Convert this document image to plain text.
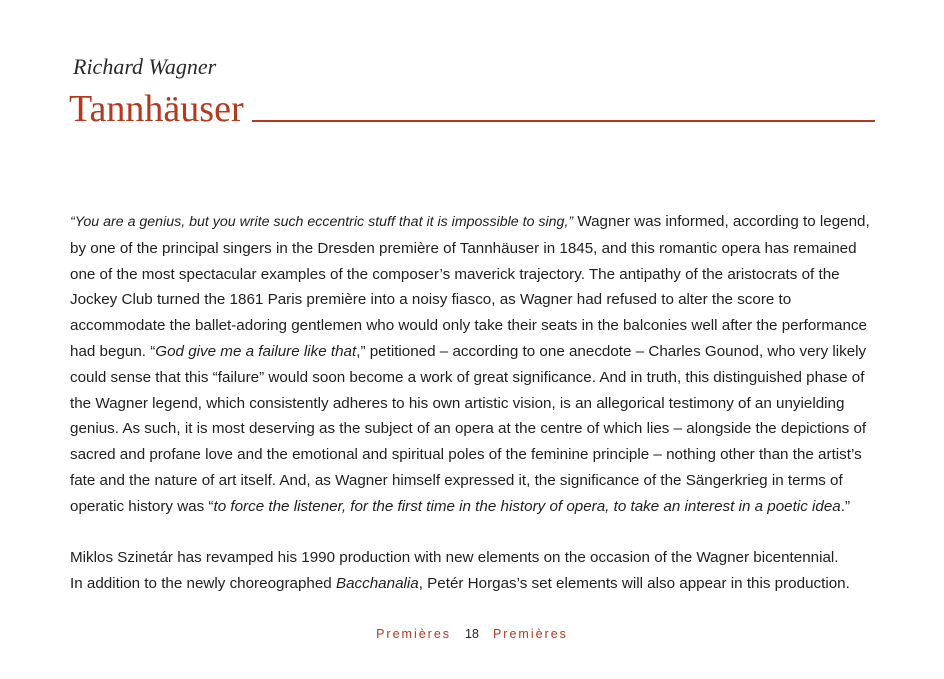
Richard Wagner
Tannhäuser

“You are a genius, but you write such eccentric stuff that it is impossible to sing,” Wagner was informed, according to legend, by one of the principal singers in the Dresden première of Tannhäuser in 1845, and this romantic opera has remained one of the most spectacular examples of the composer’s maverick trajectory. The antipathy of the aristocrats of the Jockey Club turned the 1861 Paris première into a noisy fiasco, as Wagner had refused to alter the score to accommodate the ballet-adoring gentlemen who would only take their seats in the balconies well after the performance had begun. “God give me a failure like that,” petitioned – according to one anecdote – Charles Gounod, who very likely could sense that this “failure” would soon become a work of great significance. And in truth, this distinguished phase of the Wagner legend, which consistently adheres to his own artistic vision, is an allegorical testimony of an unyielding genius. As such, it is most deserving as the subject of an opera at the centre of which lies – alongside the depictions of sacred and profane love and the emotional and spiritual poles of the feminine principle – nothing other than the artist’s fate and the nature of art itself. And, as Wagner himself expressed it, the significance of the Sängerkrieg in terms of operatic history was “to force the listener, for the first time in the history of opera, to take an interest in a poetic idea.”

Miklos Szinetár has revamped his 1990 production with new elements on the occasion of the Wagner bicentennial.
In addition to the newly choreographed Bacchanalia, Petér Horgas’s set elements will also appear in this production.

Premières 18 Premières
